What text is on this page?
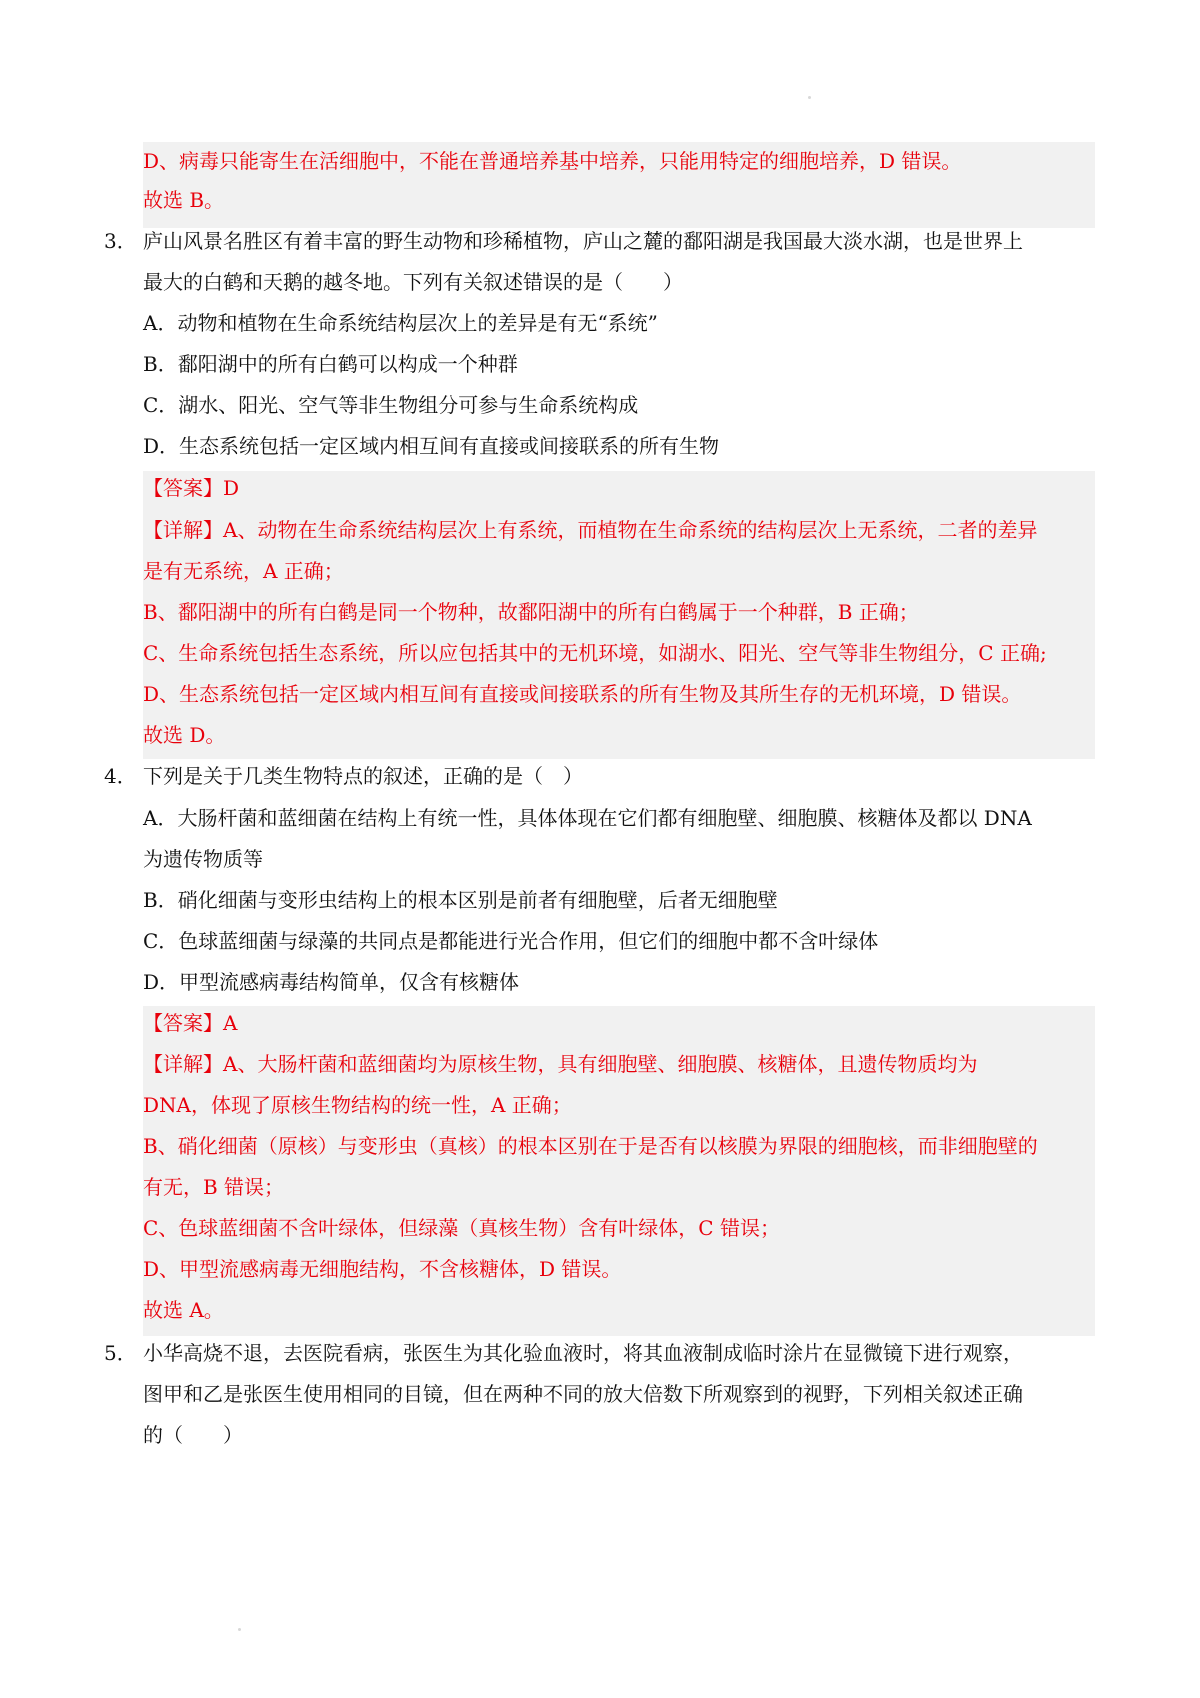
D、病毒只能寄生在活细胞中，不能在普通培养基中培养，只能用特定的细胞培养，D 错误。
故选 B。
3． 庐山风景名胜区有着丰富的野生动物和珍稀植物，庐山之麓的鄱阳湖是我国最大淡水湖，也是世界上
最大的白鹤和天鹅的越冬地。下列有关叙述错误的是（　　）
A．动物和植物在生命系统结构层次上的差异是有无“系统”
B．鄱阳湖中的所有白鹤可以构成一个种群
C．湖水、阳光、空气等非生物组分可参与生命系统构成
D．生态系统包括一定区域内相互间有直接或间接联系的所有生物
【答案】D
【详解】A、动物在生命系统结构层次上有系统，而植物在生命系统的结构层次上无系统，二者的差异
是有无系统，A 正确；
B、鄱阳湖中的所有白鹤是同一个物种，故鄱阳湖中的所有白鹤属于一个种群，B 正确；
C、生命系统包括生态系统，所以应包括其中的无机环境，如湖水、阳光、空气等非生物组分，C 正确;
D、生态系统包括一定区域内相互间有直接或间接联系的所有生物及其所生存的无机环境，D 错误。
故选 D。
4． 下列是关于几类生物特点的叙述，正确的是（　）
A．大肠杆菌和蓝细菌在结构上有统一性，具体体现在它们都有细胞壁、细胞膜、核糖体及都以 DNA
为遗传物质等
B．硝化细菌与变形虫结构上的根本区别是前者有细胞壁，后者无细胞壁
C．色球蓝细菌与绿藻的共同点是都能进行光合作用，但它们的细胞中都不含叶绿体
D．甲型流感病毒结构简单，仅含有核糖体
【答案】A
【详解】A、大肠杆菌和蓝细菌均为原核生物，具有细胞壁、细胞膜、核糖体，且遗传物质均为
DNA，体现了原核生物结构的统一性，A 正确；
B、硝化细菌（原核）与变形虫（真核）的根本区别在于是否有以核膜为界限的细胞核，而非细胞壁的
有无，B 错误；
C、色球蓝细菌不含叶绿体，但绿藻（真核生物）含有叶绿体，C 错误；
D、甲型流感病毒无细胞结构，不含核糖体，D 错误。
故选 A。
5． 小华高烧不退，去医院看病，张医生为其化验血液时，将其血液制成临时涂片在显微镜下进行观察，
图甲和乙是张医生使用相同的目镜，但在两种不同的放大倍数下所观察到的视野，下列相关叙述正确
的（　　）
